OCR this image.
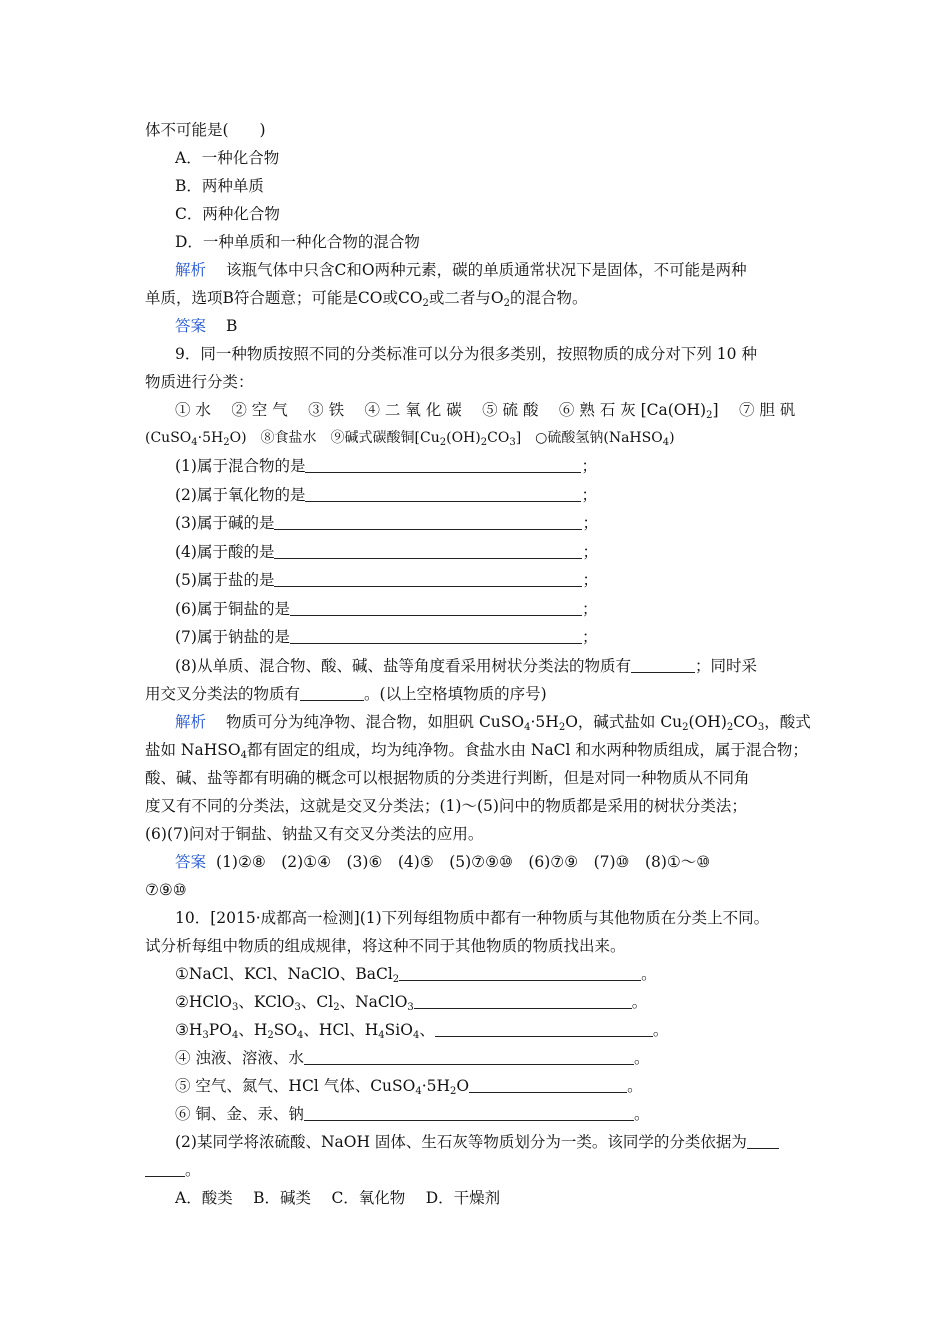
体不可能是(　　)
A．一种化合物
B．两种单质
C．两种化合物
D．一种单质和一种化合物的混合物
解析 该瓶气体中只含C和O两种元素，碳的单质通常状况下是固体，不可能是两种
单质，选项B符合题意；可能是CO或$CO_2$或二者与$O_2$的混合物。
答案 B
9．同一种物质按照不同的分类标准可以分为很多类别，按照物质的成分对下列 10 种
物质进行分类：
① 水　 ② 空 气　 ③ 铁　 ④ 二 氧 化 碳　 ⑤ 硫 酸　 ⑥ 熟 石 灰 $[Ca(OH)_2]$　 ⑦ 胆 矾
$(CuSO_4\cdot 5H_2O)$　⑧食盐水　⑨碱式碳酸铜$[Cu_2(OH)_2CO_3]$　○硫酸氢钠(NaHSO$_4$)
(1)属于混合物的是	；
(2)属于氧化物的是	；
(3)属于碱的是	；
(4)属于酸的是	；
(5)属于盐的是	；
(6)属于铜盐的是	；
(7)属于钠盐的是	；
(8)从单质、混合物、酸、碱、盐等角度看采用树状分类法的物质有	；同时采
用交叉分类法的物质有	。(以上空格填物质的序号)
解析 物质可分为纯净物、混合物，如胆矾 $CuSO_4\cdot 5H_2O$，碱式盐如 $Cu_2(OH)_2CO_3$，酸式
盐如 NaHSO$_4$都有固定的组成，均为纯净物。食盐水由 NaCl 和水两种物质组成，属于混合物；
酸、碱、盐等都有明确的概念可以根据物质的分类进行判断，但是对同一种物质从不同角
度又有不同的分类法，这就是交叉分类法；(1)～(5)问中的物质都是采用的树状分类法；
(6)(7)问对于铜盐、钠盐又有交叉分类法的应用。
答案 (1)②⑧　(2)①④　(3)⑥　(4)⑤　(5)⑦⑨⑩　(6)⑦⑨　(7)⑩　(8)①～⑩
⑦⑨⑩
10．[2015·成都高一检测](1)下列每组物质中都有一种物质与其他物质在分类上不同。
试分析每组中物质的组成规律，将这种不同于其他物质的物质找出来。
①NaCl、KCl、NaClO、BaCl$_2$	。
②HClO$_3$、KClO$_3$、$Cl_2$、NaClO$_3$	。
$③H_3PO_4$、$H_2SO_4$、HCl、$H_4SiO_4$、	。
④ 浊液、溶液、水	。
⑤ 空气、氮气、HCl 气体、$CuSO_4\cdot 5H_2O$	。
⑥ 铜、金、汞、钠	。
(2)某同学将浓硫酸、NaOH 固体、生石灰等物质划分为一类。该同学的分类依据为
。
A．酸类　 B．碱类　 C．氧化物　 D．干燥剂
